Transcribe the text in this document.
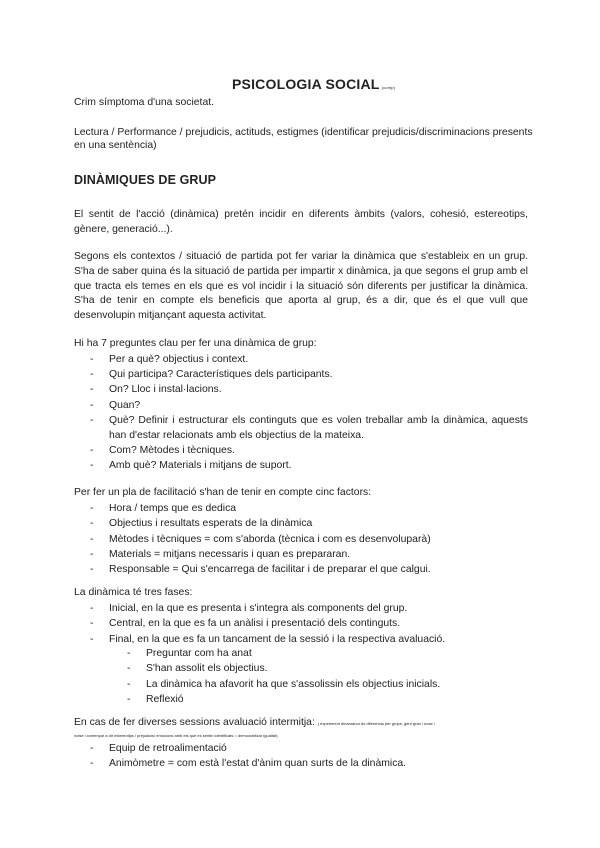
PSICOLOGIA SOCIAL (comp)
Crim símptoma d'una societat.
Lectura / Performance / prejudicis, actituds, estigmes (identificar prejudicis/discriminacions presents en una sentència)
DINÀMIQUES DE GRUP
El sentit de l'acció (dinàmica) pretén incidir en diferents àmbits (valors, cohesió, estereotips, gènere, generació...).
Segons els contextos / situació de partida pot fer variar la dinàmica que s'estableix en un grup. S'ha de saber quina és la situació de partida per impartir x dinàmica, ja que segons el grup amb el que tracta els temes en els que es vol incidir i la situació són diferents per justificar la dinàmica. S'ha de tenir en compte els beneficis que aporta al grup, és a dir, que és el que vull que desenvolupin mitjançant aquesta activitat.
Hi ha 7 preguntes clau per fer una dinàmica de grup:
- Per a què? objectius i context.
- Qui participa? Característiques dels participants.
- On? Lloc i instal·lacions.
- Quan?
- Què? Definir i estructurar els continguts que es volen treballar amb la dinàmica, aquests han d'estar relacionats amb els objectius de la mateixa.
- Com? Mètodes i tècniques.
- Amb què? Materials i mitjans de suport.
Per fer un pla de facilitació s'han de tenir en compte cinc factors:
- Hora / temps que es dedica
- Objectius i resultats esperats de la dinàmica
- Mètodes i tècniques = com s'aborda (tècnica i com es desenvoluparà)
- Materials = mitjans necessaris i quan es prepararan.
- Responsable = Qui s'encarrega de facilitar i de preparar el que calgui.
La dinàmica té tres fases:
- Inicial, en la que es presenta i s'integra als components del grup.
- Central, en la que es fa un anàlisi i presentació dels continguts.
- Final, en la que es fa un tancament de la sessió i la respectiva avaluació.
- Preguntar com ha anat
- S'han assolit els objectius.
- La dinàmica ha afavorit ha que s'assolissin els objectius inicials.
- Reflexió
En cas de fer diverses sessions avaluació intermitja: ( experiment dinamarca do diferencia per grups, gent gran i nose /
noise i començar a dir estereotips / prejudicis/ emocions amb els que es sentin identificats = democratitzar igualtat)
- Equip de retroalimentació
- Animòmetre = com està l'estat d'ànim quan surts de la dinàmica.
